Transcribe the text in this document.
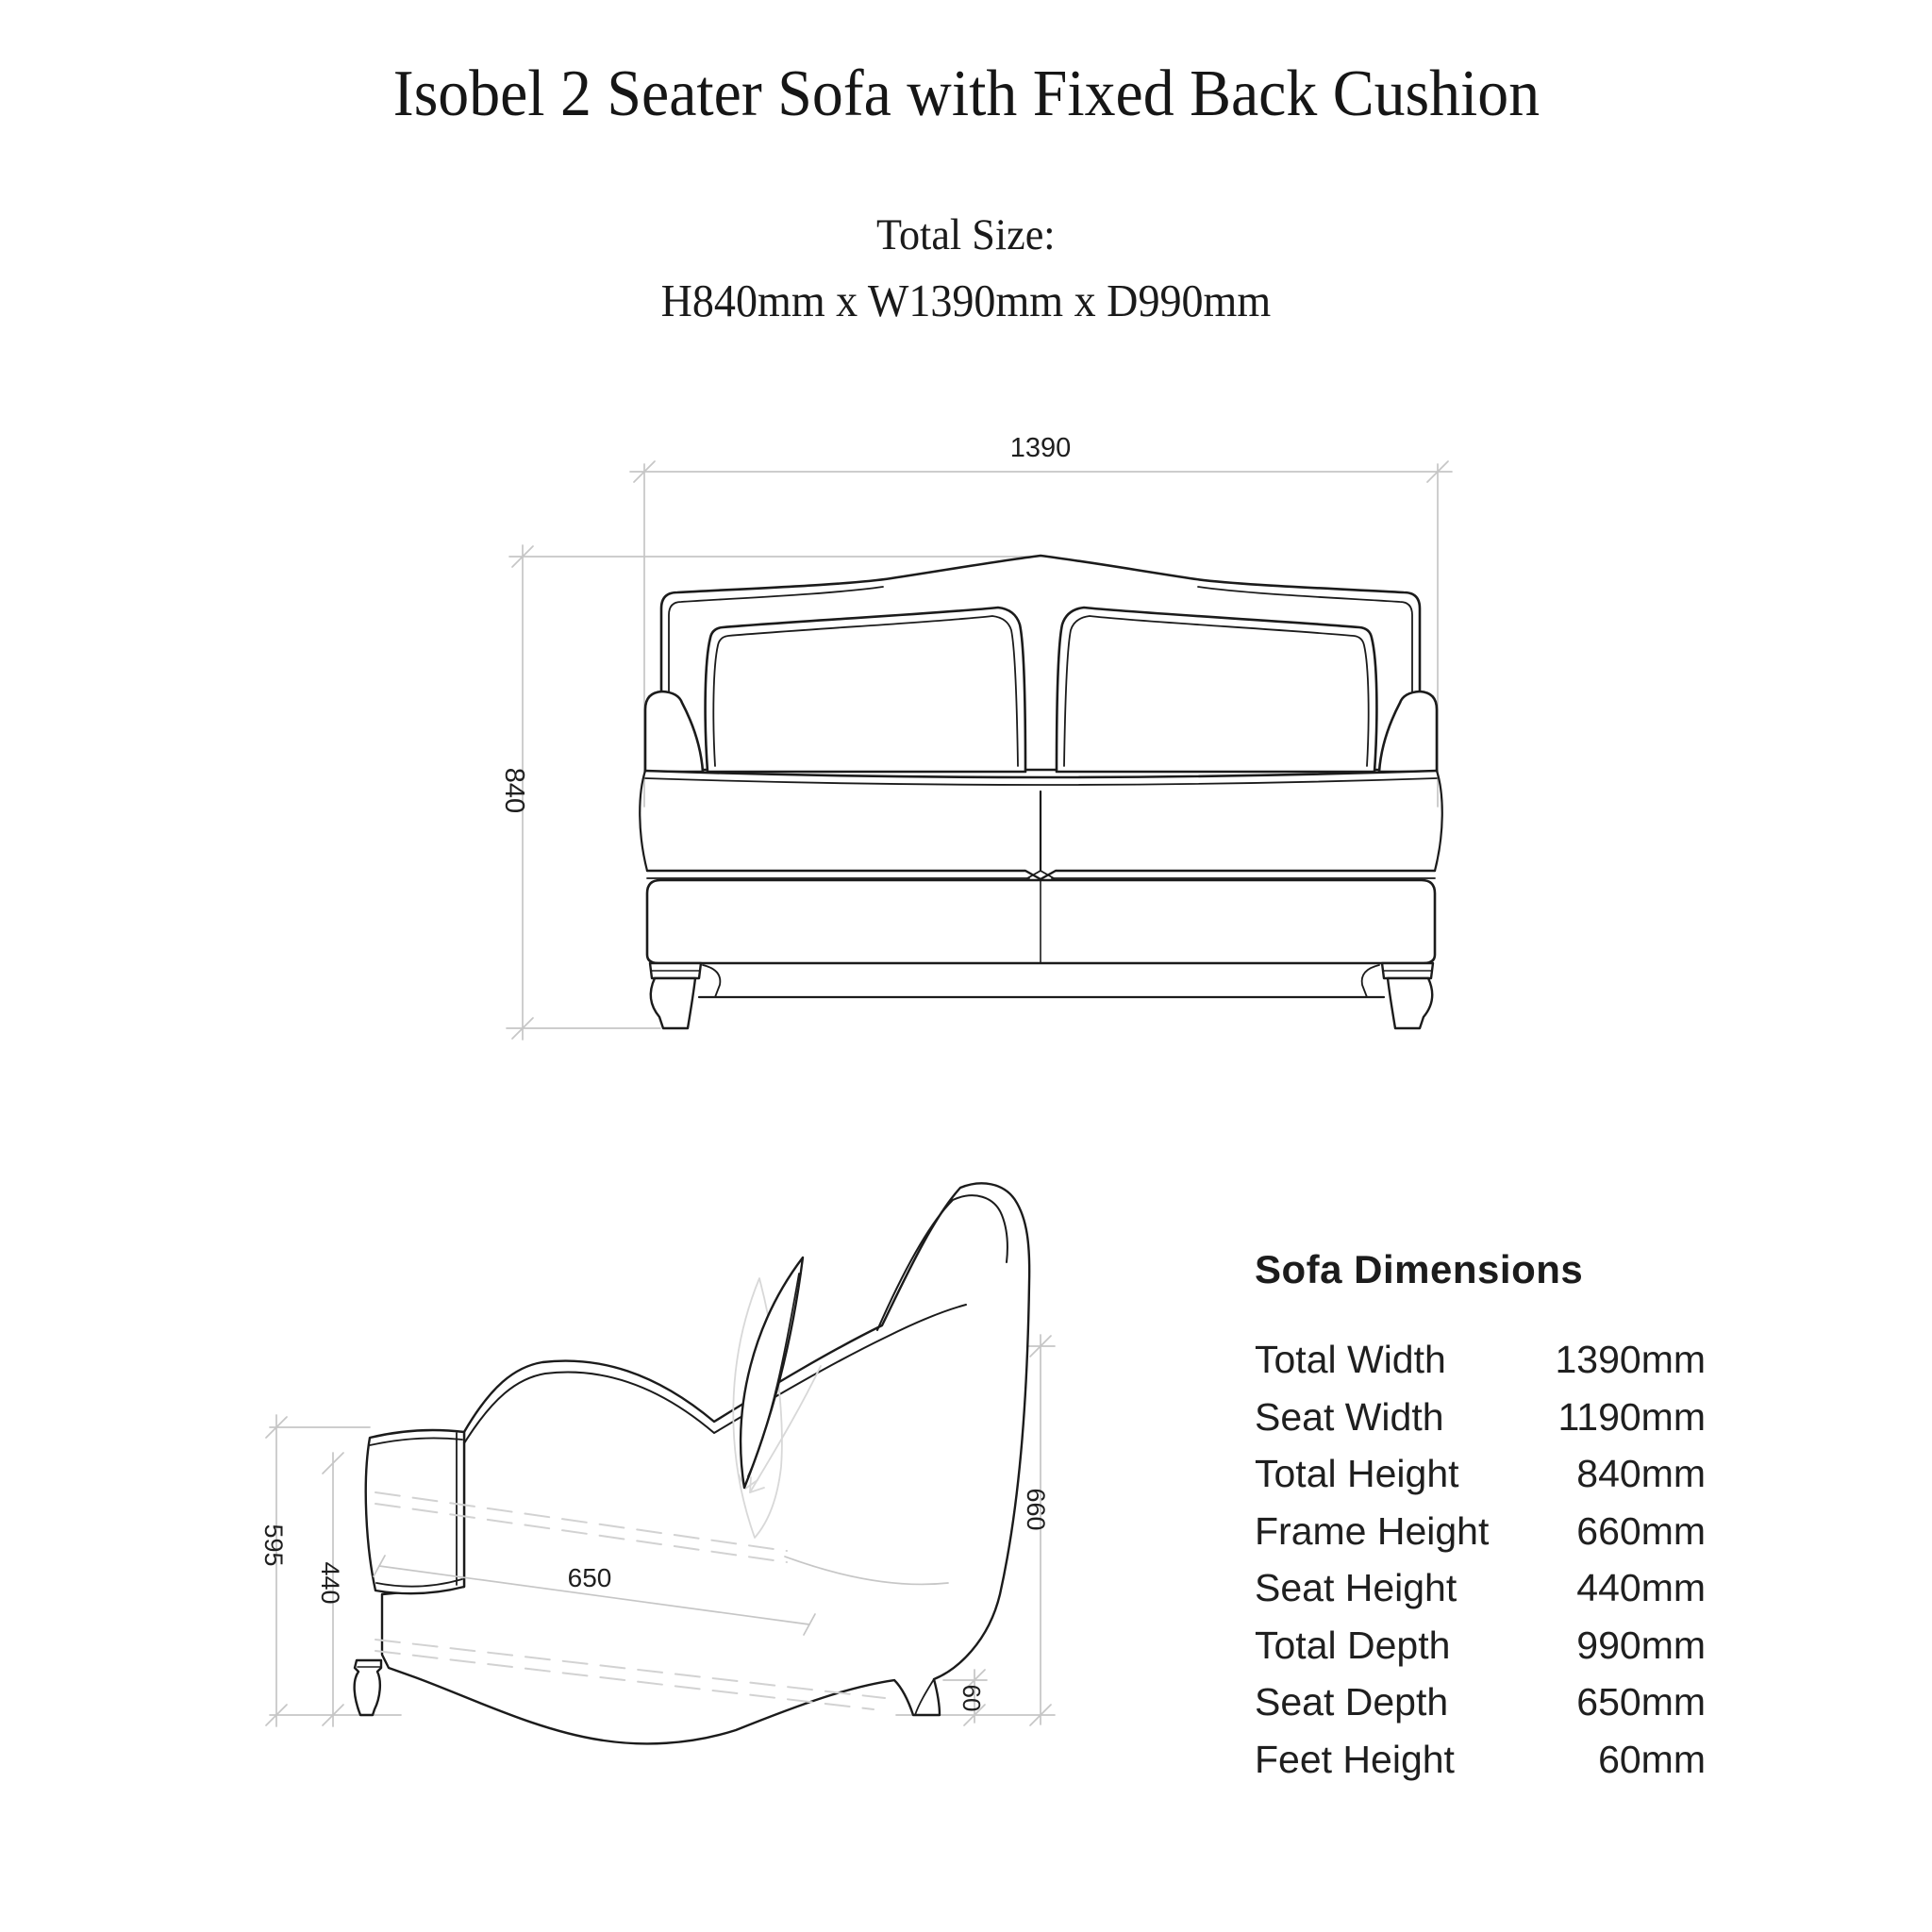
Isobel 2 Seater Sofa with Fixed Back Cushion
Total Size:
H840mm x W1390mm x D990mm
1390
840
595
440	650
660
60
Sofa Dimensions
Total Width	1390mm
Seat Width	1190mm
Total Height	840mm
Frame Height 660mm
Seat Height	440mm
Total Depth	990mm
Seat Depth	650mm
Feet Height	60mm
